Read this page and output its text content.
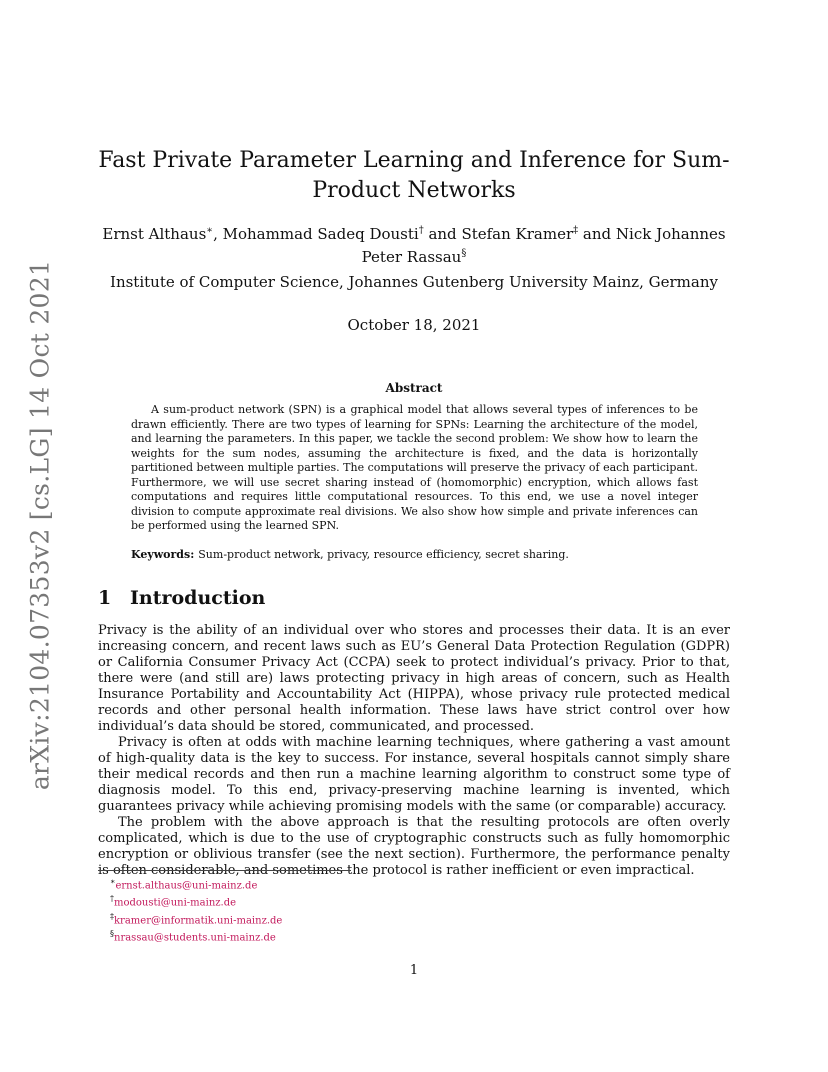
arXiv:2104.07353v2 [cs.LG] 14 Oct 2021
Fast Private Parameter Learning and Inference for Sum-Product Networks
Ernst Althaus∗, Mohammad Sadeq Dousti† and Stefan Kramer‡ and Nick Johannes Peter Rassau§
Institute of Computer Science, Johannes Gutenberg University Mainz, Germany
October 18, 2021
Abstract
A sum-product network (SPN) is a graphical model that allows several types of inferences to be drawn efficiently. There are two types of learning for SPNs: Learning the architecture of the model, and learning the parameters. In this paper, we tackle the second problem: We show how to learn the weights for the sum nodes, assuming the architecture is fixed, and the data is horizontally partitioned between multiple parties. The computations will preserve the privacy of each participant. Furthermore, we will use secret sharing instead of (homomorphic) encryption, which allows fast computations and requires little computational resources. To this end, we use a novel integer division to compute approximate real divisions. We also show how simple and private inferences can be performed using the learned SPN.
Keywords: Sum-product network, privacy, resource efficiency, secret sharing.
1 Introduction

Privacy is the ability of an individual over who stores and processes their data. It is an ever increasing concern, and recent laws such as EU’s General Data Protection Regulation (GDPR) or California Consumer Privacy Act (CCPA) seek to protect individual’s privacy. Prior to that, there were (and still are) laws protecting privacy in high areas of concern, such as Health Insurance Portability and Accountability Act (HIPPA), whose privacy rule protected medical records and other personal health information. These laws have strict control over how individual’s data should be stored, communicated, and processed.

Privacy is often at odds with machine learning techniques, where gathering a vast amount of high-quality data is the key to success. For instance, several hospitals cannot simply share their medical records and then run a machine learning algorithm to construct some type of diagnosis model. To this end, privacy-preserving machine learning is invented, which guarantees privacy while achieving promising models with the same (or comparable) accuracy.

The problem with the above approach is that the resulting protocols are often overly complicated, which is due to the use of cryptographic constructs such as fully homomorphic encryption or oblivious transfer (see the next section). Furthermore, the performance penalty is often considerable, and sometimes the protocol is rather inefficient or even impractical.

∗ernst.althaus@uni-mainz.de
†modousti@uni-mainz.de
‡kramer@informatik.uni-mainz.de
§nrassau@students.uni-mainz.de
1
